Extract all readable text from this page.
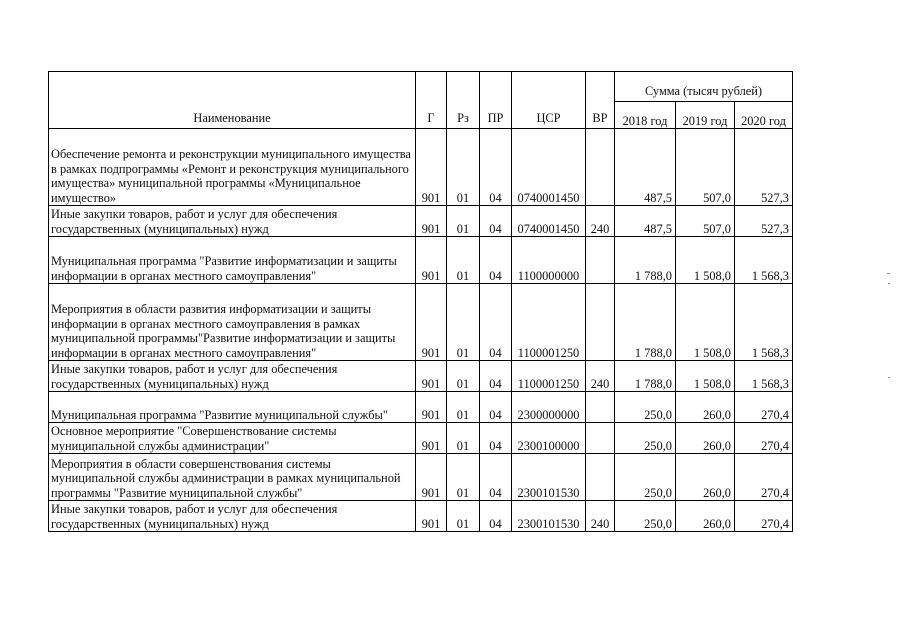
Наименование	Г	Рз	ПР	ЦСР	ВР	Сумма (тысяч рублей)		
						2018 год	2019 год	2020 год
Обеспечение ремонта и реконструкции муниципального имущества в рамках подпрограммы «Ремонт и реконструкция муниципального имущества» муниципальной программы «Муниципальное имущество»	901	01	04	0740001450		487,5	507,0	527,3
Иные закупки товаров, работ и услуг для обеспечения государственных (муниципальных) нужд	901	01	04	0740001450	240	487,5	507,0	527,3
Муниципальная программа "Развитие информатизации и защиты информации в органах местного самоуправления"	901	01	04	1100000000		1 788,0	1 508,0	1 568,3
Мероприятия в области развития информатизации и защиты информации в органах местного самоуправления в рамках муниципальной программы"Развитие информатизации и защиты информации в органах местного самоуправления"	901	01	04	1100001250		1 788,0	1 508,0	1 568,3
Иные закупки товаров, работ и услуг для обеспечения государственных (муниципальных) нужд	901	01	04	1100001250	240	1 788,0	1 508,0	1 568,3
Муниципальная программа "Развитие муниципальной службы"	901	01	04	2300000000		250,0	260,0	270,4
Основное мероприятие "Совершенствование системы муниципальной службы администрации"	901	01	04	2300100000		250,0	260,0	270,4
Мероприятия в области совершенствования системы муниципальной службы администрации в рамках муниципальной программы "Развитие муниципальной службы"	901	01	04	2300101530		250,0	260,0	270,4
Иные закупки товаров, работ и услуг для обеспечения государственных (муниципальных) нужд	901	01	04	2300101530	240	250,0	260,0	270,4
